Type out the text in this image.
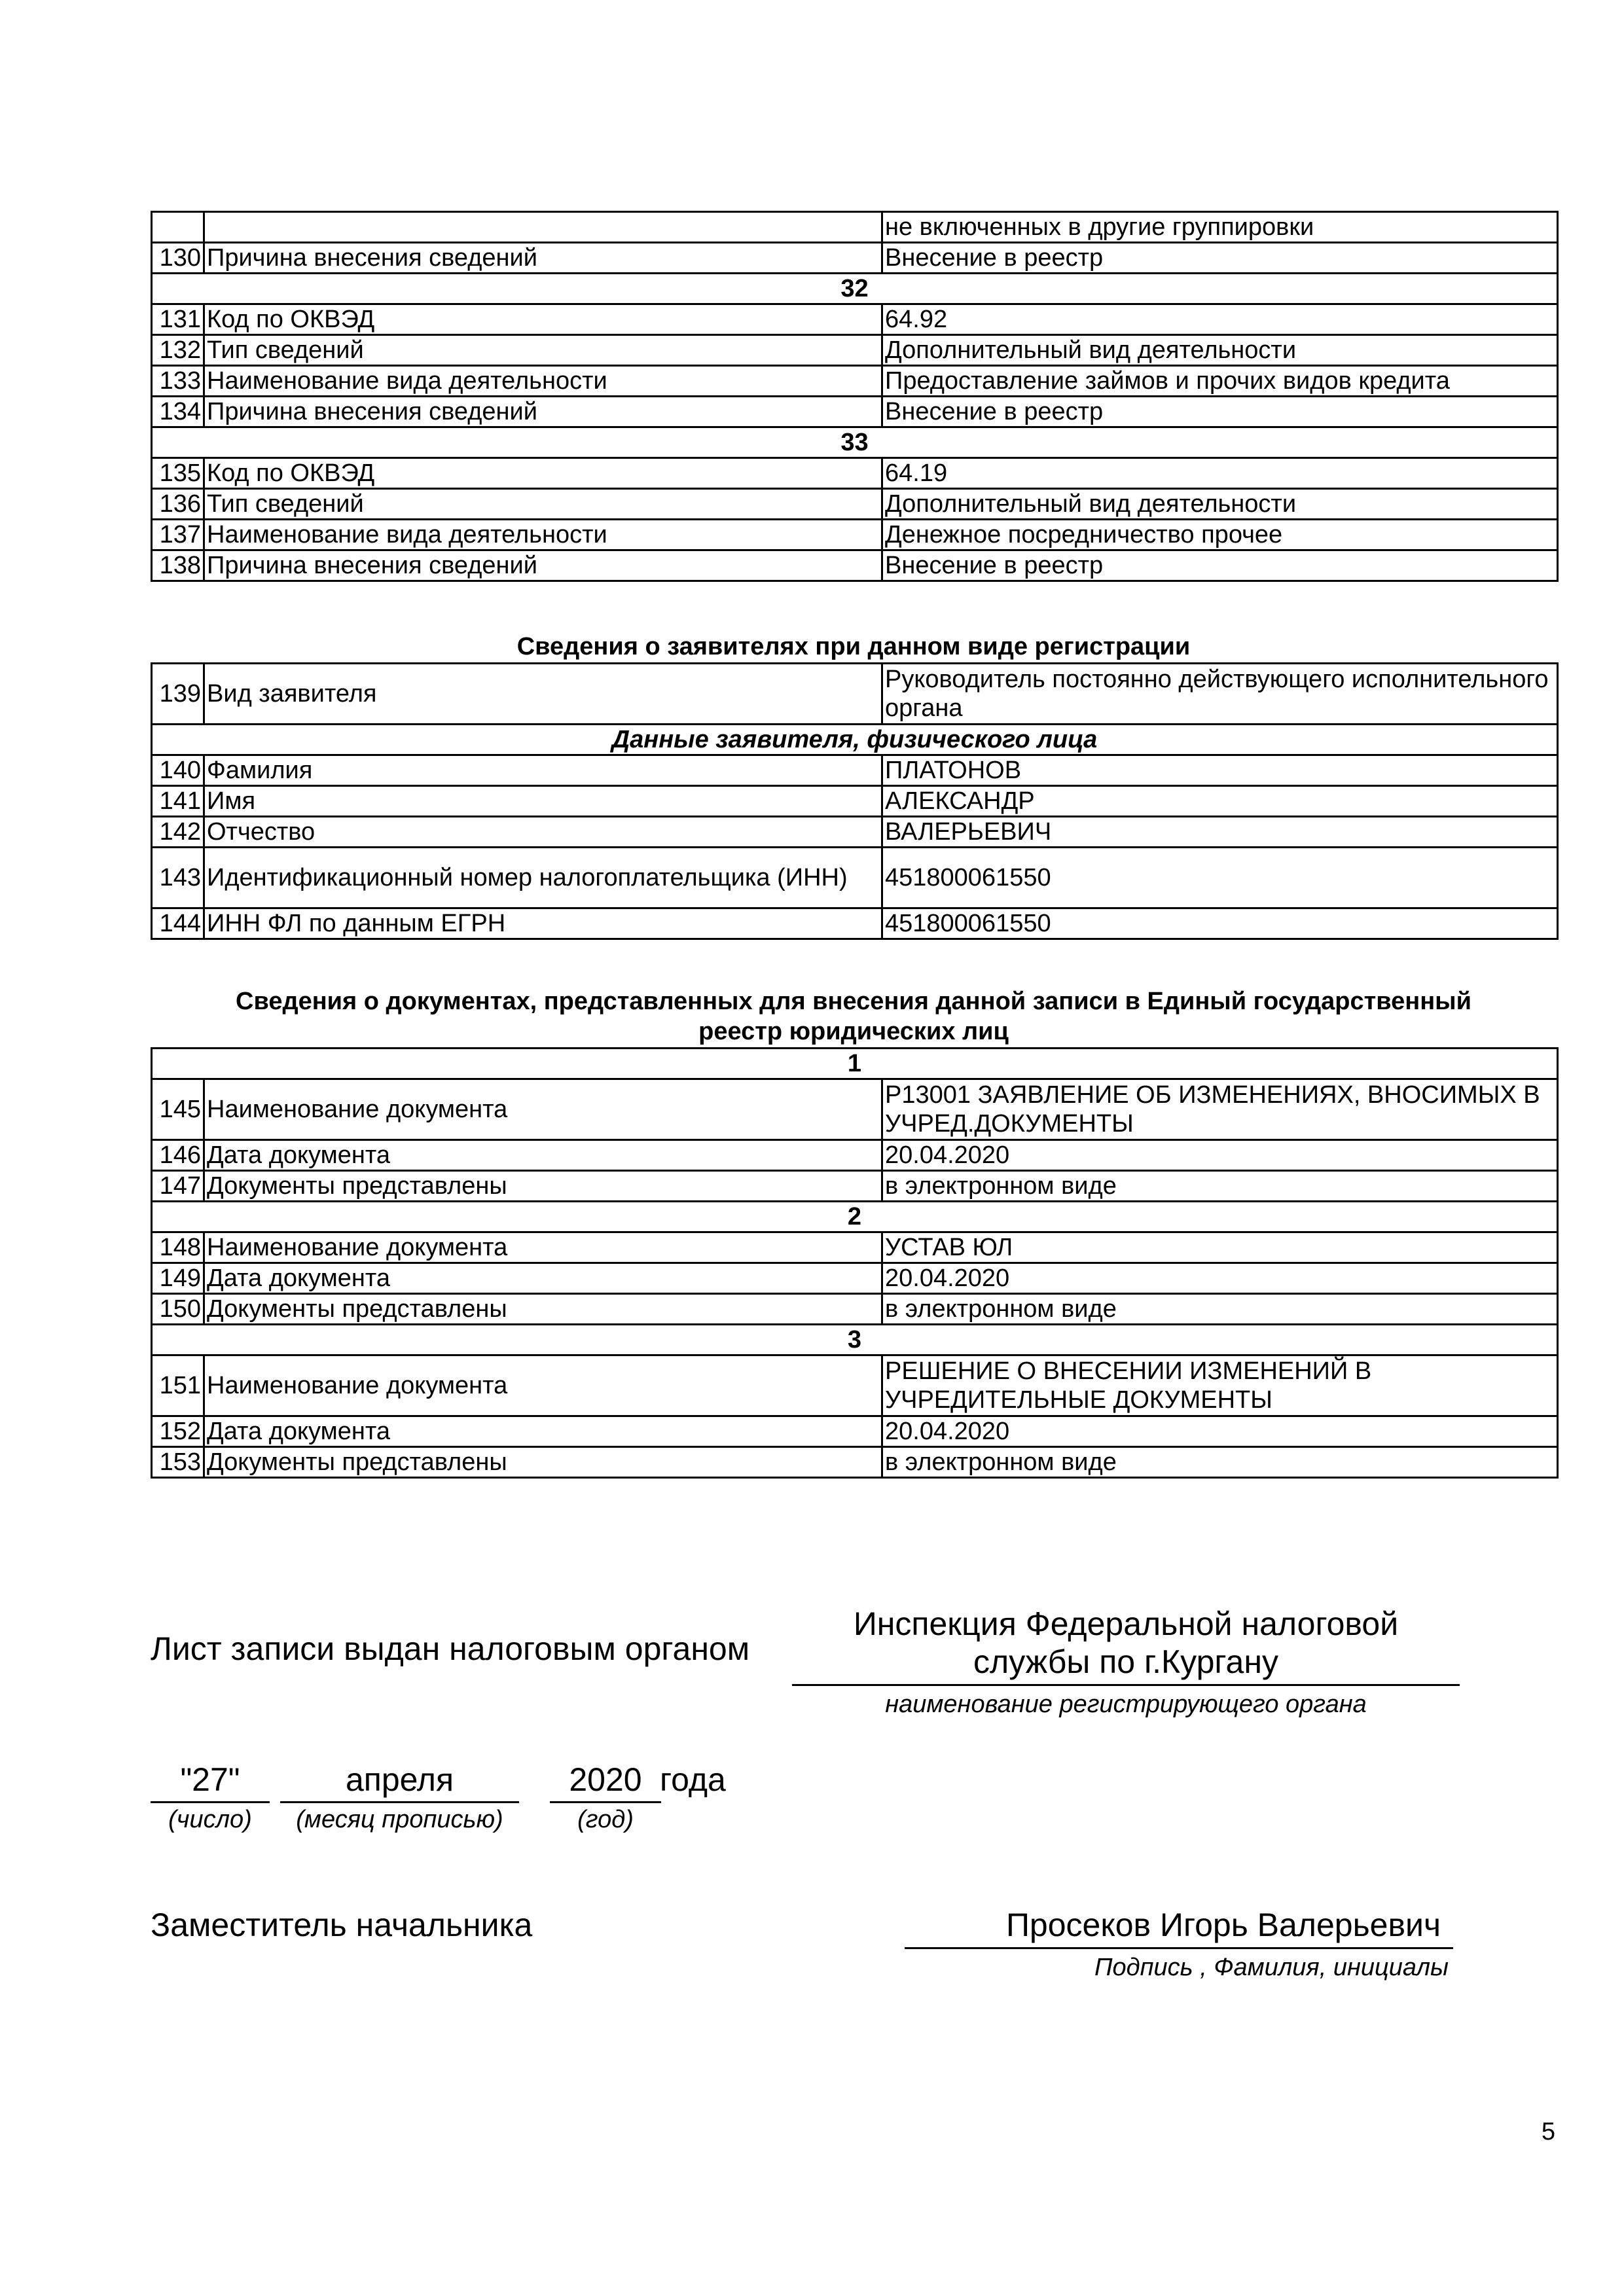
		не включенных в другие группировки
130	Причина внесения сведений	Внесение в реестр
32		
131	Код по ОКВЭД	64.92
132	Тип сведений	Дополнительный вид деятельности
133	Наименование вида деятельности	Предоставление займов и прочих видов кредита
134	Причина внесения сведений	Внесение в реестр
33		
135	Код по ОКВЭД	64.19
136	Тип сведений	Дополнительный вид деятельности
137	Наименование вида деятельности	Денежное посредничество прочее
138	Причина внесения сведений	Внесение в реестр
Сведения о заявителях при данном виде регистрации
139	Вид заявителя	Руководитель постоянно действующего исполнительного органа
Данные заявителя, физического лица		
140	Фамилия	ПЛАТОНОВ
141	Имя	АЛЕКСАНДР
142	Отчество	ВАЛЕРЬЕВИЧ
143	Идентификационный номер налогоплательщика (ИНН)	451800061550
144	ИНН ФЛ по данным ЕГРН	451800061550
Сведения о документах, представленных для внесения данной записи в Единый государственный
реестр юридических лиц
1		
145	Наименование документа	Р13001 ЗАЯВЛЕНИЕ ОБ ИЗМЕНЕНИЯХ, ВНОСИМЫХ В УЧРЕД.ДОКУМЕНТЫ
146	Дата документа	20.04.2020
147	Документы представлены	в электронном виде
2		
148	Наименование документа	УСТАВ ЮЛ
149	Дата документа	20.04.2020
150	Документы представлены	в электронном виде
3		
151	Наименование документа	РЕШЕНИЕ О ВНЕСЕНИИ ИЗМЕНЕНИЙ В УЧРЕДИТЕЛЬНЫЕ ДОКУМЕНТЫ
152	Дата документа	20.04.2020
153	Документы представлены	в электронном виде
Лист записи выдан налоговым органом
Инспекция Федеральной налоговой
службы по г.Кургану
наименование регистрирующего органа
"27"
(число)
апреля
(месяц прописью)
2020
(год)
года
Заместитель начальника	Просеков Игорь Валерьевич
Подпись , Фамилия, инициалы
5
